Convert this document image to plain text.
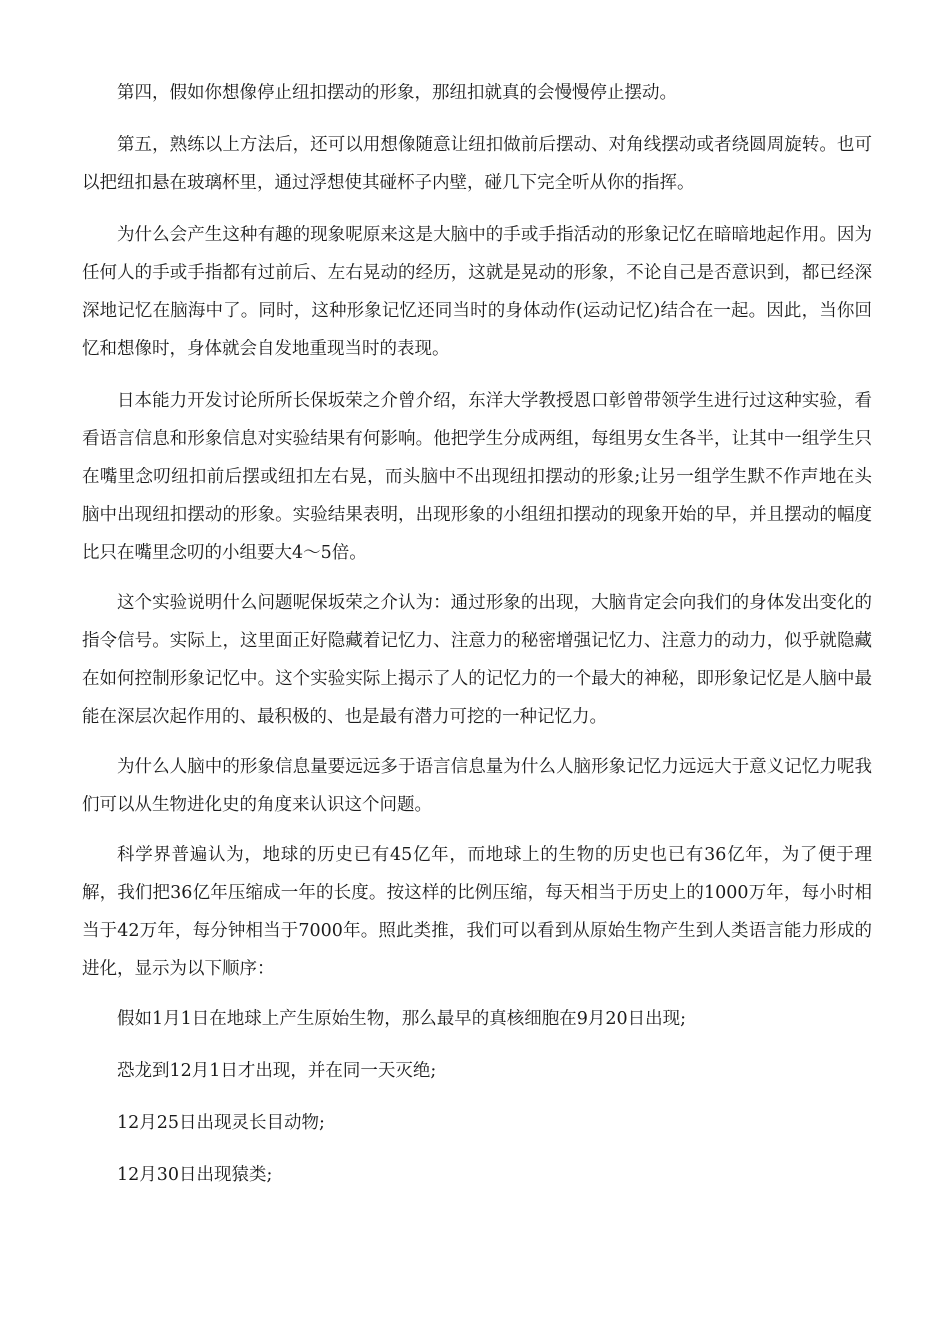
第四，假如你想像停止纽扣摆动的形象，那纽扣就真的会慢慢停止摆动。

第五，熟练以上方法后，还可以用想像随意让纽扣做前后摆动、对角线摆动或者绕圆周旋转。也可以把纽扣悬在玻璃杯里，通过浮想使其碰杯子内壁，碰几下完全听从你的指挥。

为什么会产生这种有趣的现象呢原来这是大脑中的手或手指活动的形象记忆在暗暗地起作用。因为任何人的手或手指都有过前后、左右晃动的经历，这就是晃动的形象，不论自己是否意识到，都已经深深地记忆在脑海中了。同时，这种形象记忆还同当时的身体动作(运动记忆)结合在一起。因此，当你回忆和想像时，身体就会自发地重现当时的表现。

日本能力开发讨论所所长保坂荣之介曾介绍，东洋大学教授恩口彰曾带领学生进行过这种实验，看看语言信息和形象信息对实验结果有何影响。他把学生分成两组，每组男女生各半，让其中一组学生只在嘴里念叨纽扣前后摆或纽扣左右晃，而头脑中不出现纽扣摆动的形象;让另一组学生默不作声地在头脑中出现纽扣摆动的形象。实验结果表明，出现形象的小组纽扣摆动的现象开始的早，并且摆动的幅度比只在嘴里念叨的小组要大4～5倍。

这个实验说明什么问题呢保坂荣之介认为：通过形象的出现，大脑肯定会向我们的身体发出变化的指令信号。实际上，这里面正好隐藏着记忆力、注意力的秘密增强记忆力、注意力的动力，似乎就隐藏在如何控制形象记忆中。这个实验实际上揭示了人的记忆力的一个最大的神秘，即形象记忆是人脑中最能在深层次起作用的、最积极的、也是最有潜力可挖的一种记忆力。

为什么人脑中的形象信息量要远远多于语言信息量为什么人脑形象记忆力远远大于意义记忆力呢我们可以从生物进化史的角度来认识这个问题。

科学界普遍认为，地球的历史已有45亿年，而地球上的生物的历史也已有36亿年，为了便于理解，我们把36亿年压缩成一年的长度。按这样的比例压缩，每天相当于历史上的1000万年，每小时相当于42万年，每分钟相当于7000年。照此类推，我们可以看到从原始生物产生到人类语言能力形成的进化，显示为以下顺序：

假如1月1日在地球上产生原始生物，那么最早的真核细胞在9月20日出现;

恐龙到12月1日才出现，并在同一天灭绝;

12月25日出现灵长目动物;

12月30日出现猿类;
